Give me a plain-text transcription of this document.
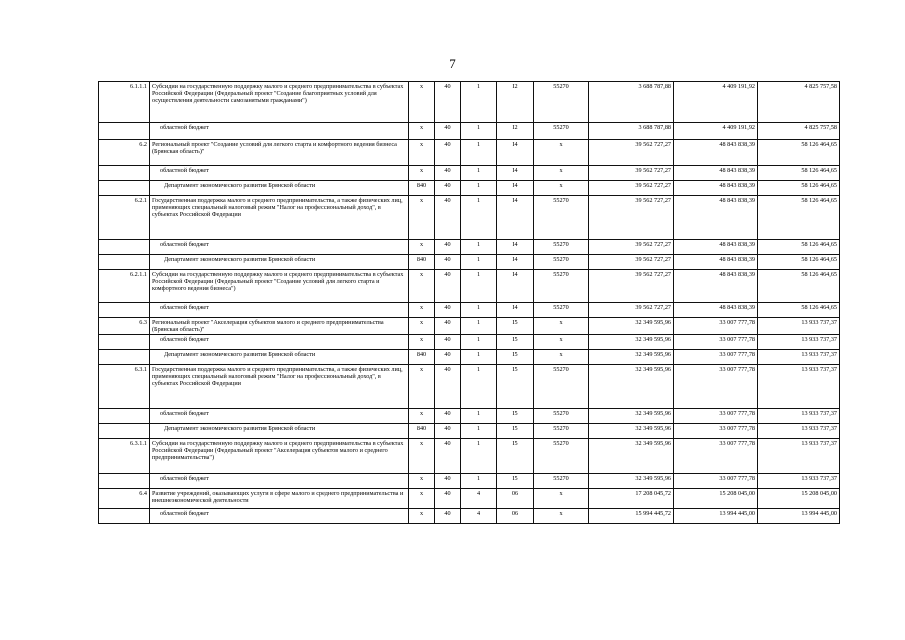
7
6.1.1.1	Субсидии на государственную поддержку малого и среднего предпринимательства в субъектах Российской Федерации (Федеральный проект "Создание благоприятных условий для осуществления деятельности самозанятыми гражданами")	x	40	1	I2	55270	3 688 787,88	4 409 191,92	4 825 757,58
	областной бюджет	x	40	1	I2	55270	3 688 787,88	4 409 191,92	4 825 757,58
6.2	Региональный проект "Создание условий для легкого старта и комфортного ведения бизнеса (Брянская область)"	x	40	1	I4	x	39 562 727,27	48 843 838,39	58 126 464,65
	областной бюджет	x	40	1	I4	x	39 562 727,27	48 843 838,39	58 126 464,65
	Департамент экономического развития Брянской области	840	40	1	I4	x	39 562 727,27	48 843 838,39	58 126 464,65
6.2.1	Государственная поддержка малого и среднего предпринимательства, а также физических лиц, применяющих специальный налоговый режим "Налог на профессиональный доход", в субъектах Российской Федерации	x	40	1	I4	55270	39 562 727,27	48 843 838,39	58 126 464,65
	областной бюджет	x	40	1	I4	55270	39 562 727,27	48 843 838,39	58 126 464,65
	Департамент экономического развития Брянской области	840	40	1	I4	55270	39 562 727,27	48 843 838,39	58 126 464,65
6.2.1.1	Субсидии на государственную поддержку малого и среднего предпринимательства в субъектах Российской Федерации (Федеральный проект "Создание условий для легкого старта и комфортного ведения бизнеса")	x	40	1	I4	55270	39 562 727,27	48 843 838,39	58 126 464,65
	областной бюджет	x	40	1	I4	55270	39 562 727,27	48 843 838,39	58 126 464,65
6.3	Региональный проект "Акселерация субъектов малого и среднего предпринимательства (Брянская область)"	x	40	1	I5	x	32 349 595,96	33 007 777,78	13 933 737,37
	областной бюджет	x	40	1	I5	x	32 349 595,96	33 007 777,78	13 933 737,37
	Департамент экономического развития Брянской области	840	40	1	I5	x	32 349 595,96	33 007 777,78	13 933 737,37
6.3.1	Государственная поддержка малого и среднего предпринимательства, а также физических лиц, применяющих специальный налоговый режим "Налог на профессиональный доход", в субъектах Российской Федерации	x	40	1	I5	55270	32 349 595,96	33 007 777,78	13 933 737,37
	областной бюджет	x	40	1	I5	55270	32 349 595,96	33 007 777,78	13 933 737,37
	Департамент экономического развития Брянской области	840	40	1	I5	55270	32 349 595,96	33 007 777,78	13 933 737,37
6.3.1.1	Субсидии на государственную поддержку малого и среднего предпринимательства в субъектах Российской Федерации (Федеральный проект "Акселерация субъектов малого и среднего предпринимательства")	x	40	1	I5	55270	32 349 595,96	33 007 777,78	13 933 737,37
	областной бюджет	x	40	1	I5	55270	32 349 595,96	33 007 777,78	13 933 737,37
6.4	Развитие учреждений, оказывающих услуги в сфере малого и среднего предпринимательства и внешнеэкономической деятельности	x	40	4	06	x	17 208 045,72	15 208 045,00	15 208 045,00
	областной бюджет	x	40	4	06	x	15 994 445,72	13 994 445,00	13 994 445,00
